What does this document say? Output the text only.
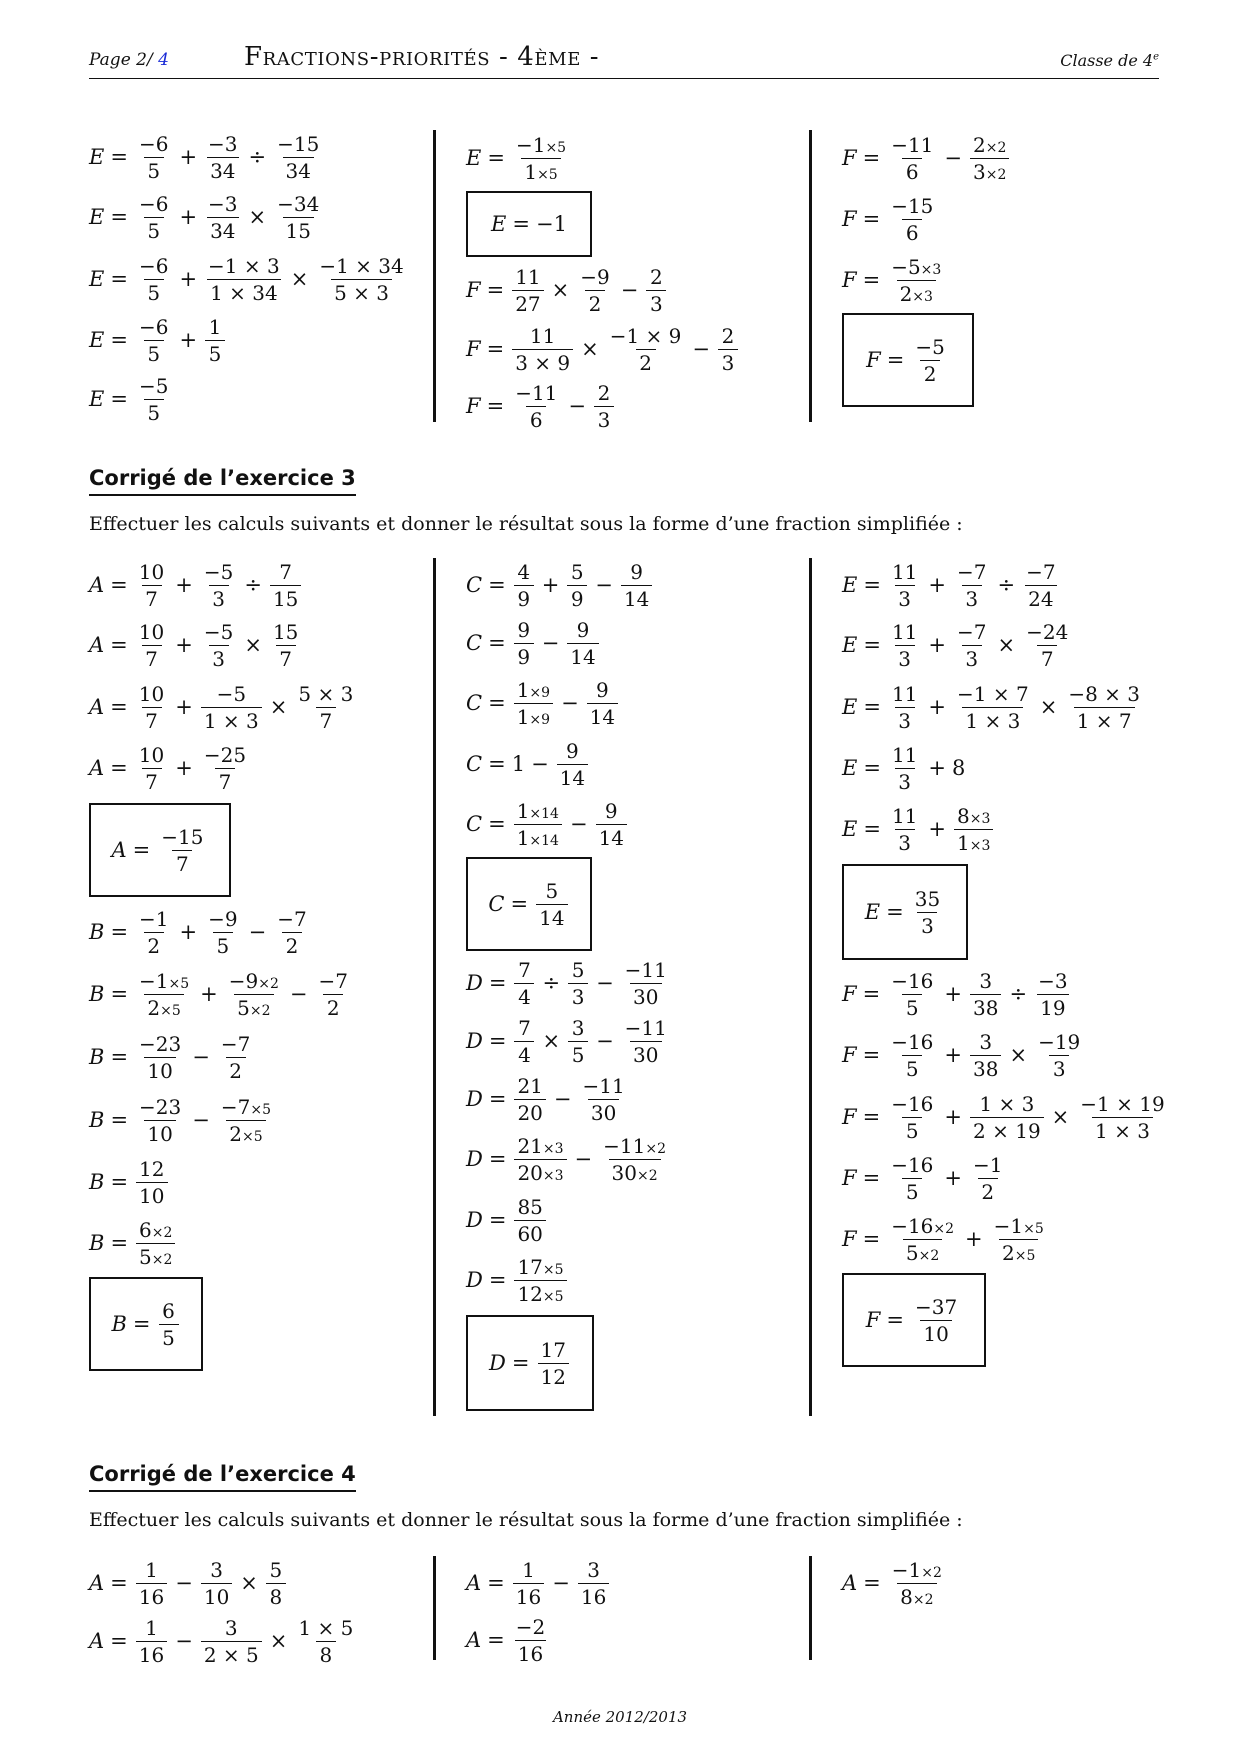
Page 2/ 4	Fractions-priorités - 4ème -	Classe de 4e
$E = \frac{-6}{5} + \frac{-3}{34} \div \frac{-15}{34}$
$E = \frac{-6}{5} + \frac{-3}{34} \times \frac{-34}{15}$
$E = \frac{-6}{5} + \frac{-1 \times 3}{1 \times 34} \times \frac{-1 \times 34}{5 \times 3}$
$E = \frac{-6}{5} + \frac{1}{5}$
$E = \frac{-5}{5}$
$E = \frac{-1\times 5}{1\times 5}$
E = −1
$F = \frac{11}{27} \times \frac{-9}{2} - \frac{2}{3}$
$F = \frac{11}{3 \times 9} \times \frac{-1 \times 9}{2} - \frac{2}{3}$
$F = \frac{-11}{6} - \frac{2}{3}$
$F = \frac{-11}{6} - \frac{2\times 2}{3\times 2}$
$F = \frac{-15}{6}$
$F = \frac{-5\times 3}{2\times 3}$
$F = \frac{-5}{2}$
Corrigé de l’exercice 3
Effectuer les calculs suivants et donner le résultat sous la forme d’une fraction simplifiée :
$A = \frac{10}{7} + \frac{-5}{3} \div \frac{7}{15}$
$A = \frac{10}{7} + \frac{-5}{3} \times \frac{15}{7}$
$A = \frac{10}{7} + \frac{-5}{1 \times 3} \times \frac{5 \times 3}{7}$
$A = \frac{10}{7} + \frac{-25}{7}$
$A = \frac{-15}{7}$
$B = \frac{-1}{2} + \frac{-9}{5} - \frac{-7}{2}$
$B = \frac{-1\times 5}{2\times 5} + \frac{-9\times 2}{5\times 2} - \frac{-7}{2}$
$B = \frac{-23}{10} - \frac{-7}{2}$
$B = \frac{-23}{10} - \frac{-7\times 5}{2\times 5}$
$B = \frac{12}{10}$
$B = \frac{6\times 2}{5\times 2}$
$B = \frac{6}{5}$
$C = \frac{4}{9} + \frac{5}{9} - \frac{9}{14}$
$C = \frac{9}{9} - \frac{9}{14}$
$C = \frac{1\times 9}{1\times 9} - \frac{9}{14}$
$C = 1 - \frac{9}{14}$
$C = \frac{1\times 14}{1\times 14} - \frac{9}{14}$
$C = \frac{5}{14}$
$D = \frac{7}{4} \div \frac{5}{3} - \frac{-11}{30}$
$D = \frac{7}{4} \times \frac{3}{5} - \frac{-11}{30}$
$D = \frac{21}{20} - \frac{-11}{30}$
$D = \frac{21\times 3}{20\times 3} - \frac{-11\times 2}{30\times 2}$
$D = \frac{85}{60}$
$D = \frac{17\times 5}{12\times 5}$
$D = \frac{17}{12}$
$E = \frac{11}{3} + \frac{-7}{3} \div \frac{-7}{24}$
$E = \frac{11}{3} + \frac{-7}{3} \times \frac{-24}{7}$
$E = \frac{11}{3} + \frac{-1 \times 7}{1 \times 3} \times \frac{-8 \times 3}{1 \times 7}$
$E = \frac{11}{3} + 8$
$E = \frac{11}{3} + \frac{8\times 3}{1\times 3}$
$E = \frac{35}{3}$
$F = \frac{-16}{5} + \frac{3}{38} \div \frac{-3}{19}$
$F = \frac{-16}{5} + \frac{3}{38} \times \frac{-19}{3}$
$F = \frac{-16}{5} + \frac{1 \times 3}{2 \times 19} \times \frac{-1 \times 19}{1 \times 3}$
$F = \frac{-16}{5} + \frac{-1}{2}$
$F = \frac{-16\times 2}{5\times 2} + \frac{-1\times 5}{2\times 5}$
$F = \frac{-37}{10}$
Corrigé de l’exercice 4
Effectuer les calculs suivants et donner le résultat sous la forme d’une fraction simplifiée :
$A = \frac{1}{16} - \frac{3}{10} \times \frac{5}{8}$
$A = \frac{1}{16} - \frac{3}{2 \times 5} \times \frac{1 \times 5}{8}$
$A = \frac{1}{16} - \frac{3}{16}$
$A = \frac{-2}{16}$
$A = \frac{-1\times 2}{8\times 2}$
Année 2012/2013
